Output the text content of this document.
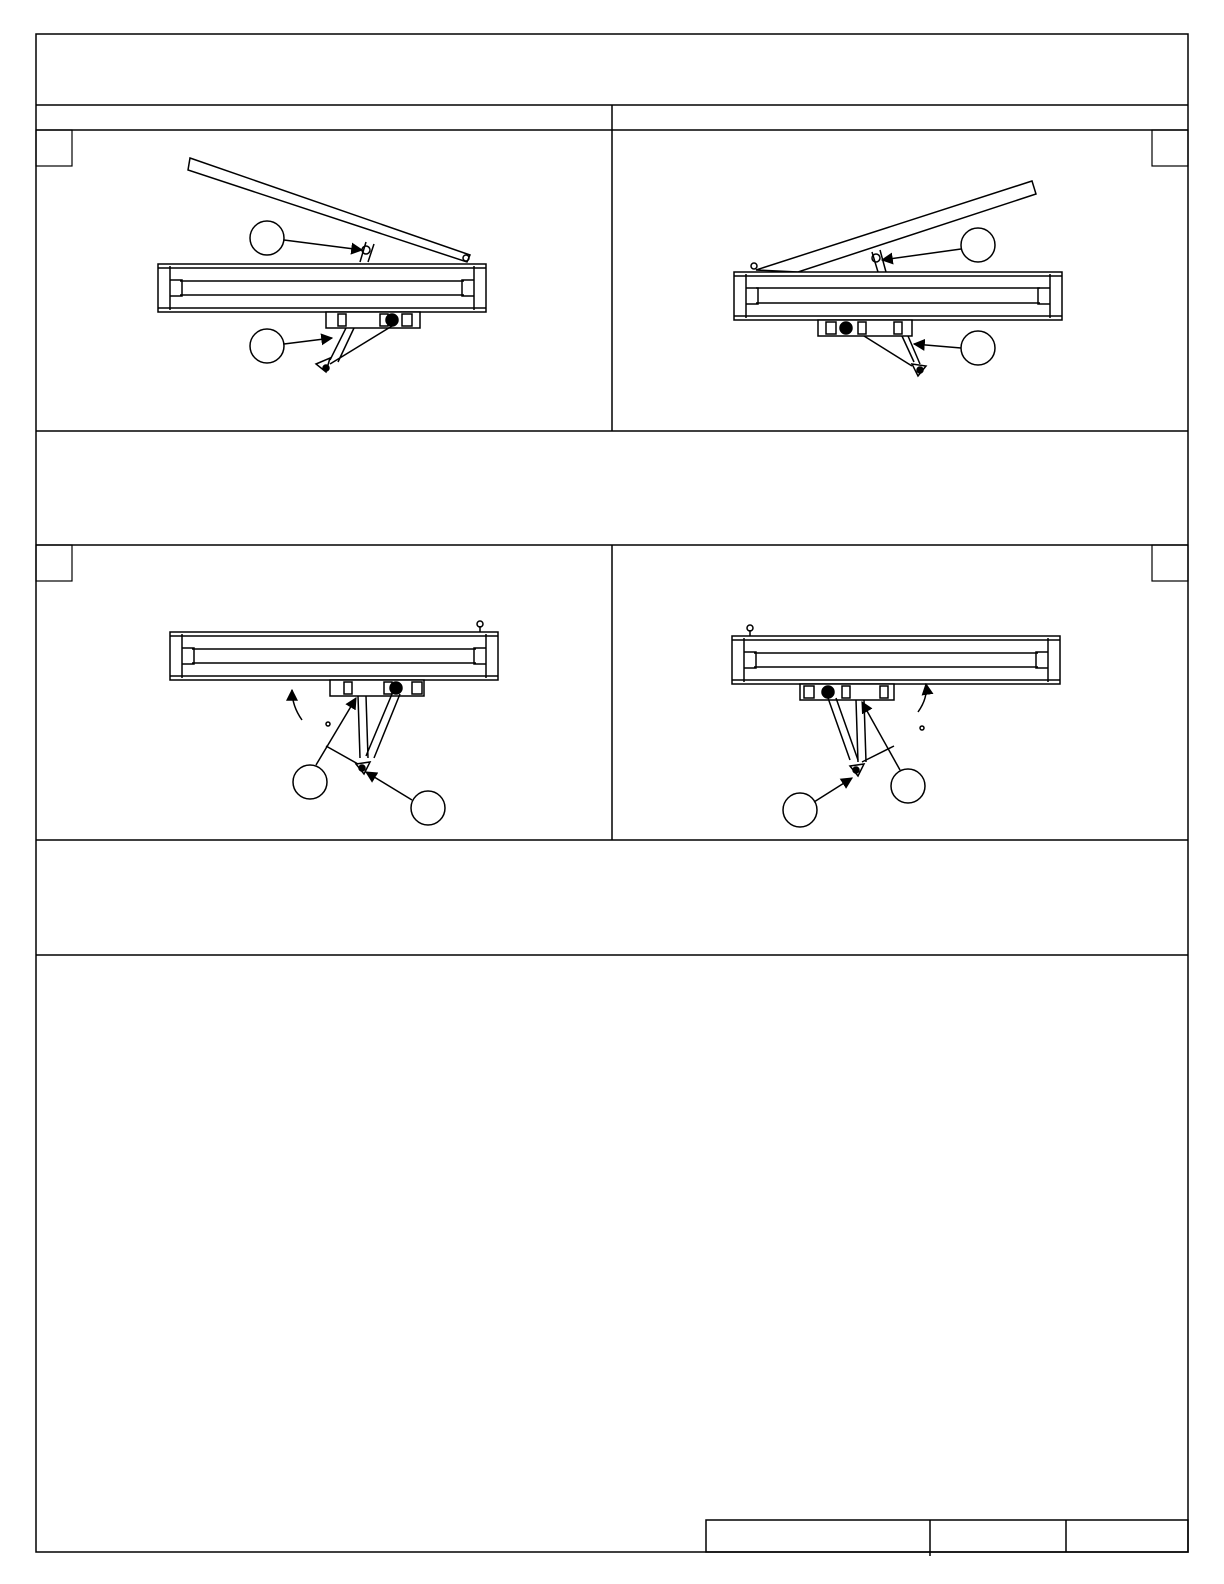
°	°
